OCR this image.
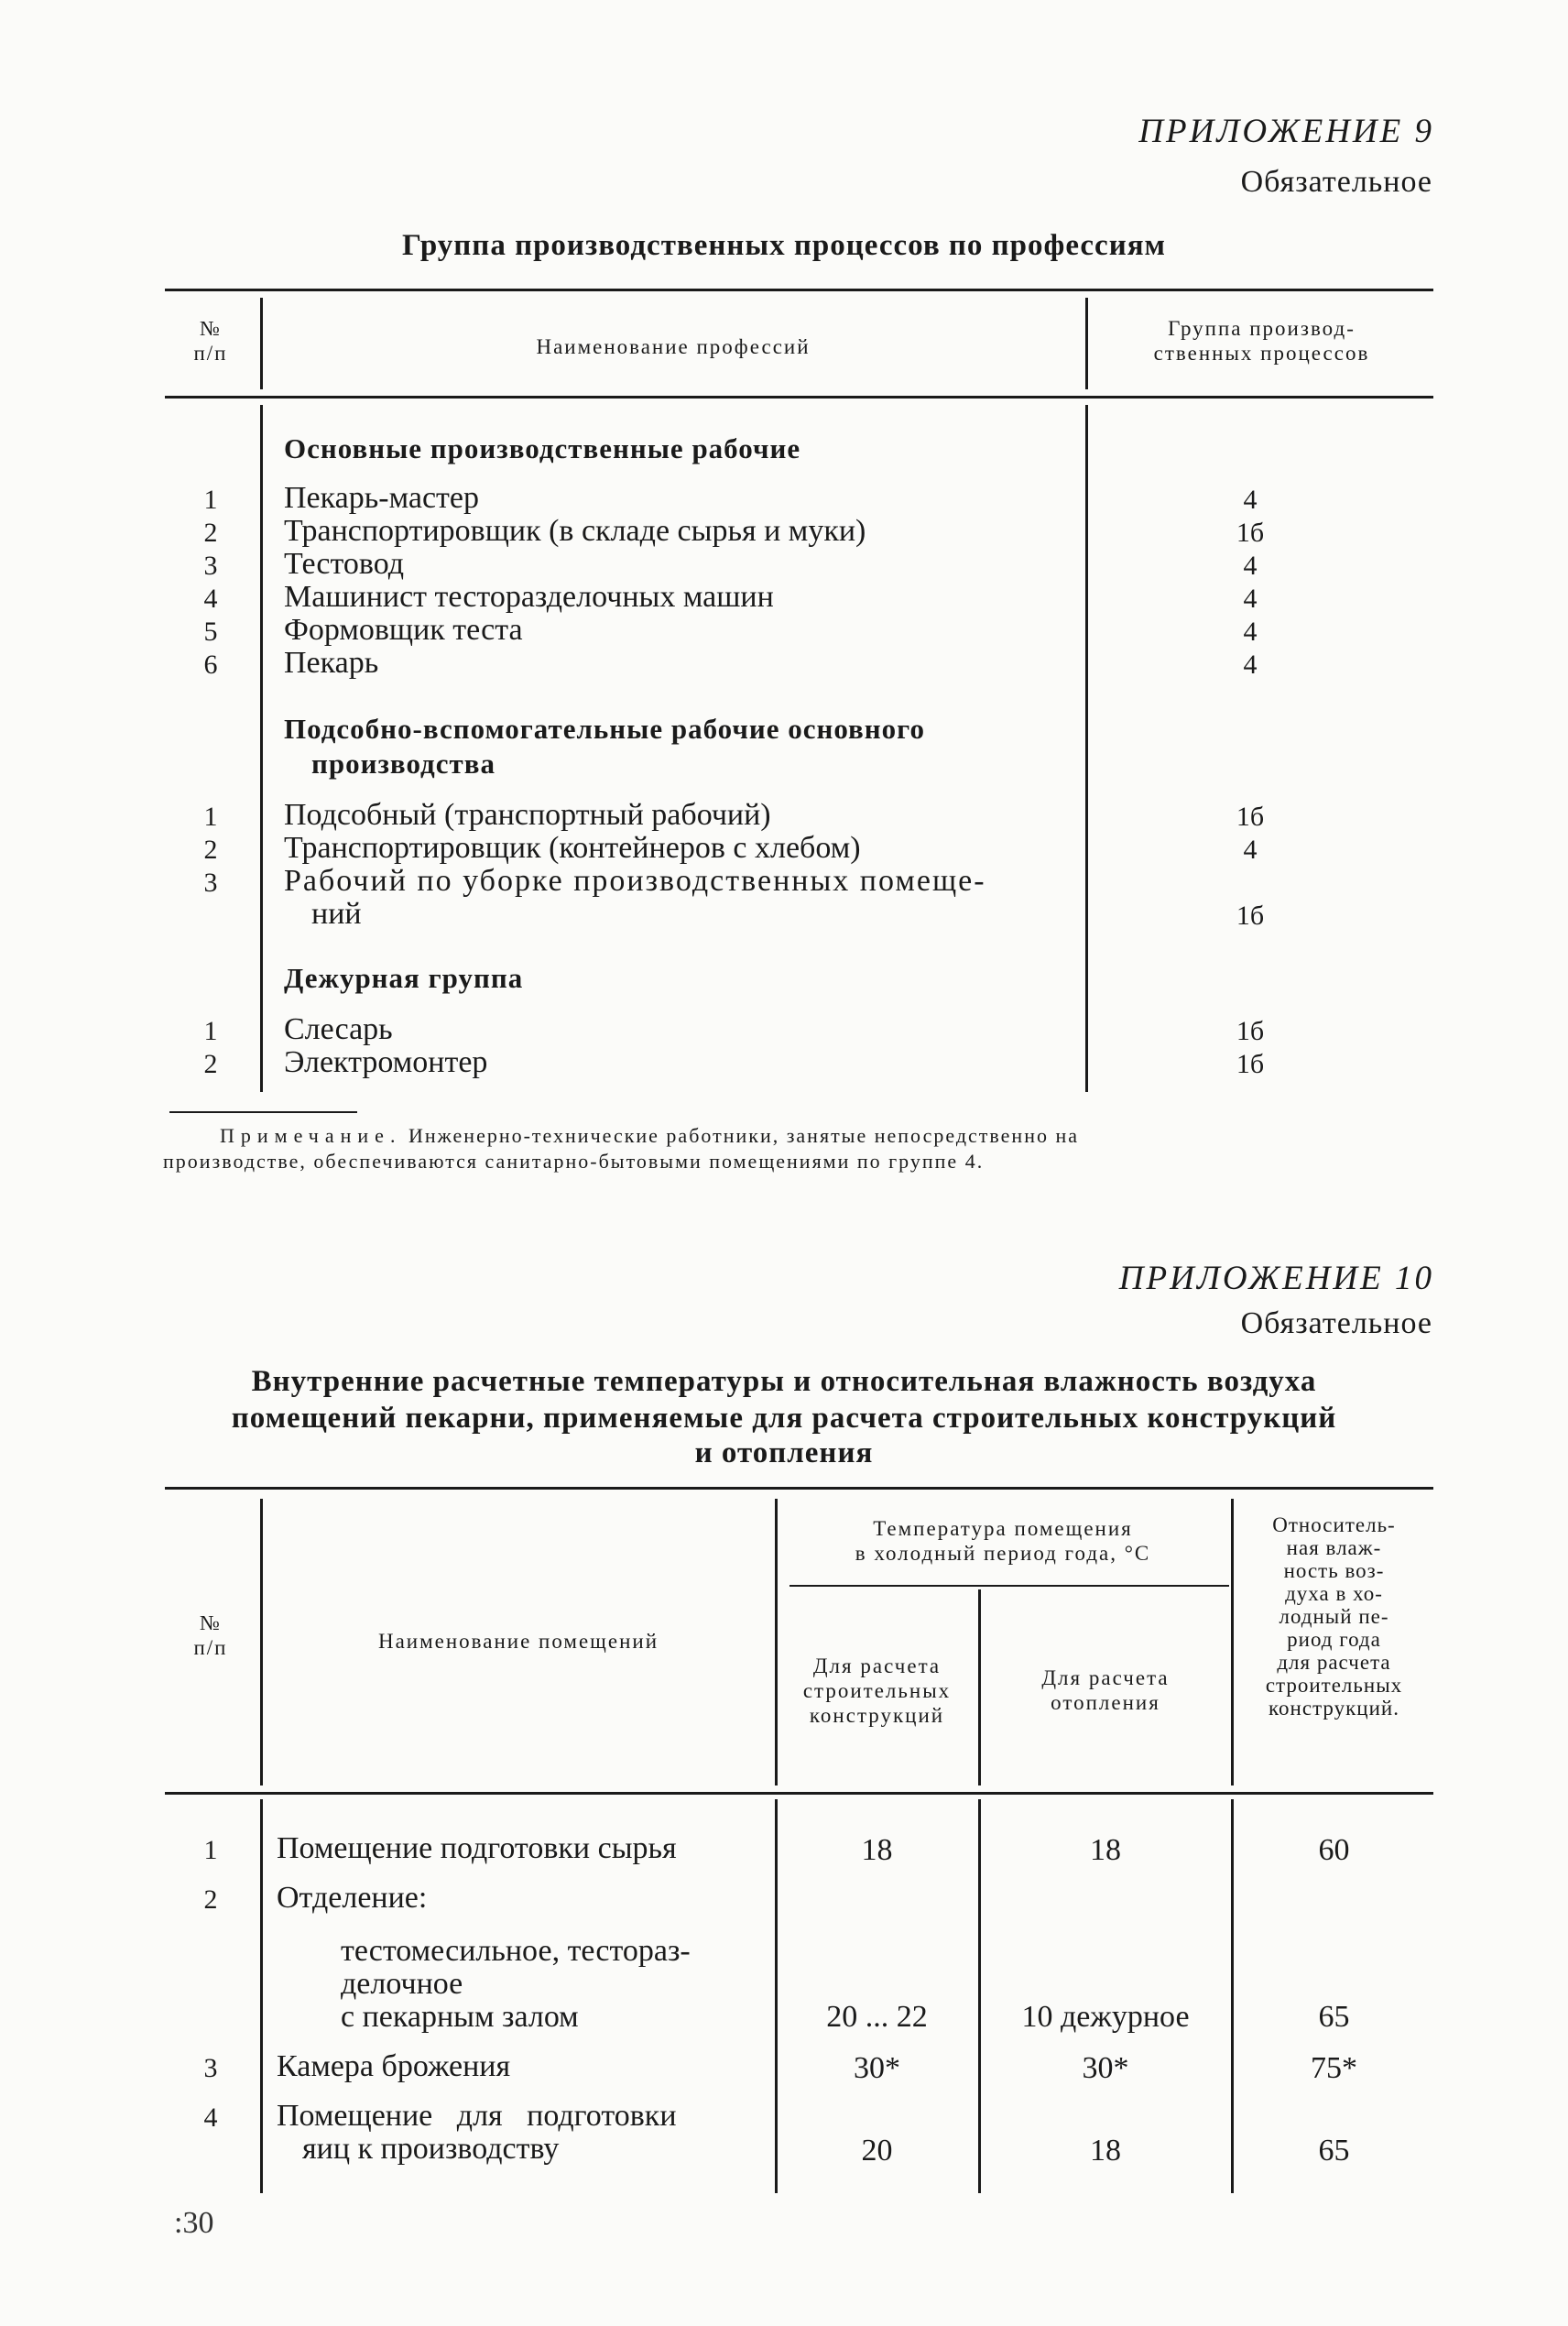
ПРИЛОЖЕНИЕ 9
Обязательное
Группа производственных процессов по профессиям
№
п/п	Наименование профессий
Группа производ-
ственных процессов
Основные производственные рабочие
1	Пекарь-мастер	4
2	Транспортировщик (в складе сырья и муки)	1б
3	Тестовод	4
4	Машинист тесторазделочных машин	4
5	Формовщик теста	4
6	Пекарь	4
Подсобно-вспомогательные рабочие основного
производства
1	Подсобный (транспортный рабочий)	1б
2	Транспортировщик (контейнеров с хлебом)	4
3	Рабочий по уборке производственных помеще-
ний	1б
Дежурная группа
1	Слесарь	1б
2	Электромонтер	1б
Примечание. Инженерно-технические работники, занятые непосредственно на
производстве, обеспечиваются санитарно-бытовыми помещениями по группе 4.
ПРИЛОЖЕНИЕ 10
Обязательное
Внутренние расчетные температуры и относительная влажность воздуха
помещений пекарни, применяемые для расчета строительных конструкций
и отопления
№
п/п	Наименование помещений
Температура помещения
в холодный период года, °С
Для расчета
строительных
конструкций
Для расчета
отопления
Относитель-
ная влаж-
ность воз-
духа в хо-
лодный пе-
риод года
для расчета
строительных
конструкций.
1	Помещение подготовки сырья	18	18	60
2	Отделение:
тестомесильное, тестораз-
делочное
с пекарным залом	20 ... 22	10 дежурное	65
3	Камера брожения	30*	30*	75*
4	Помещение для подготовки
яиц к производству	20	18	65
:30
